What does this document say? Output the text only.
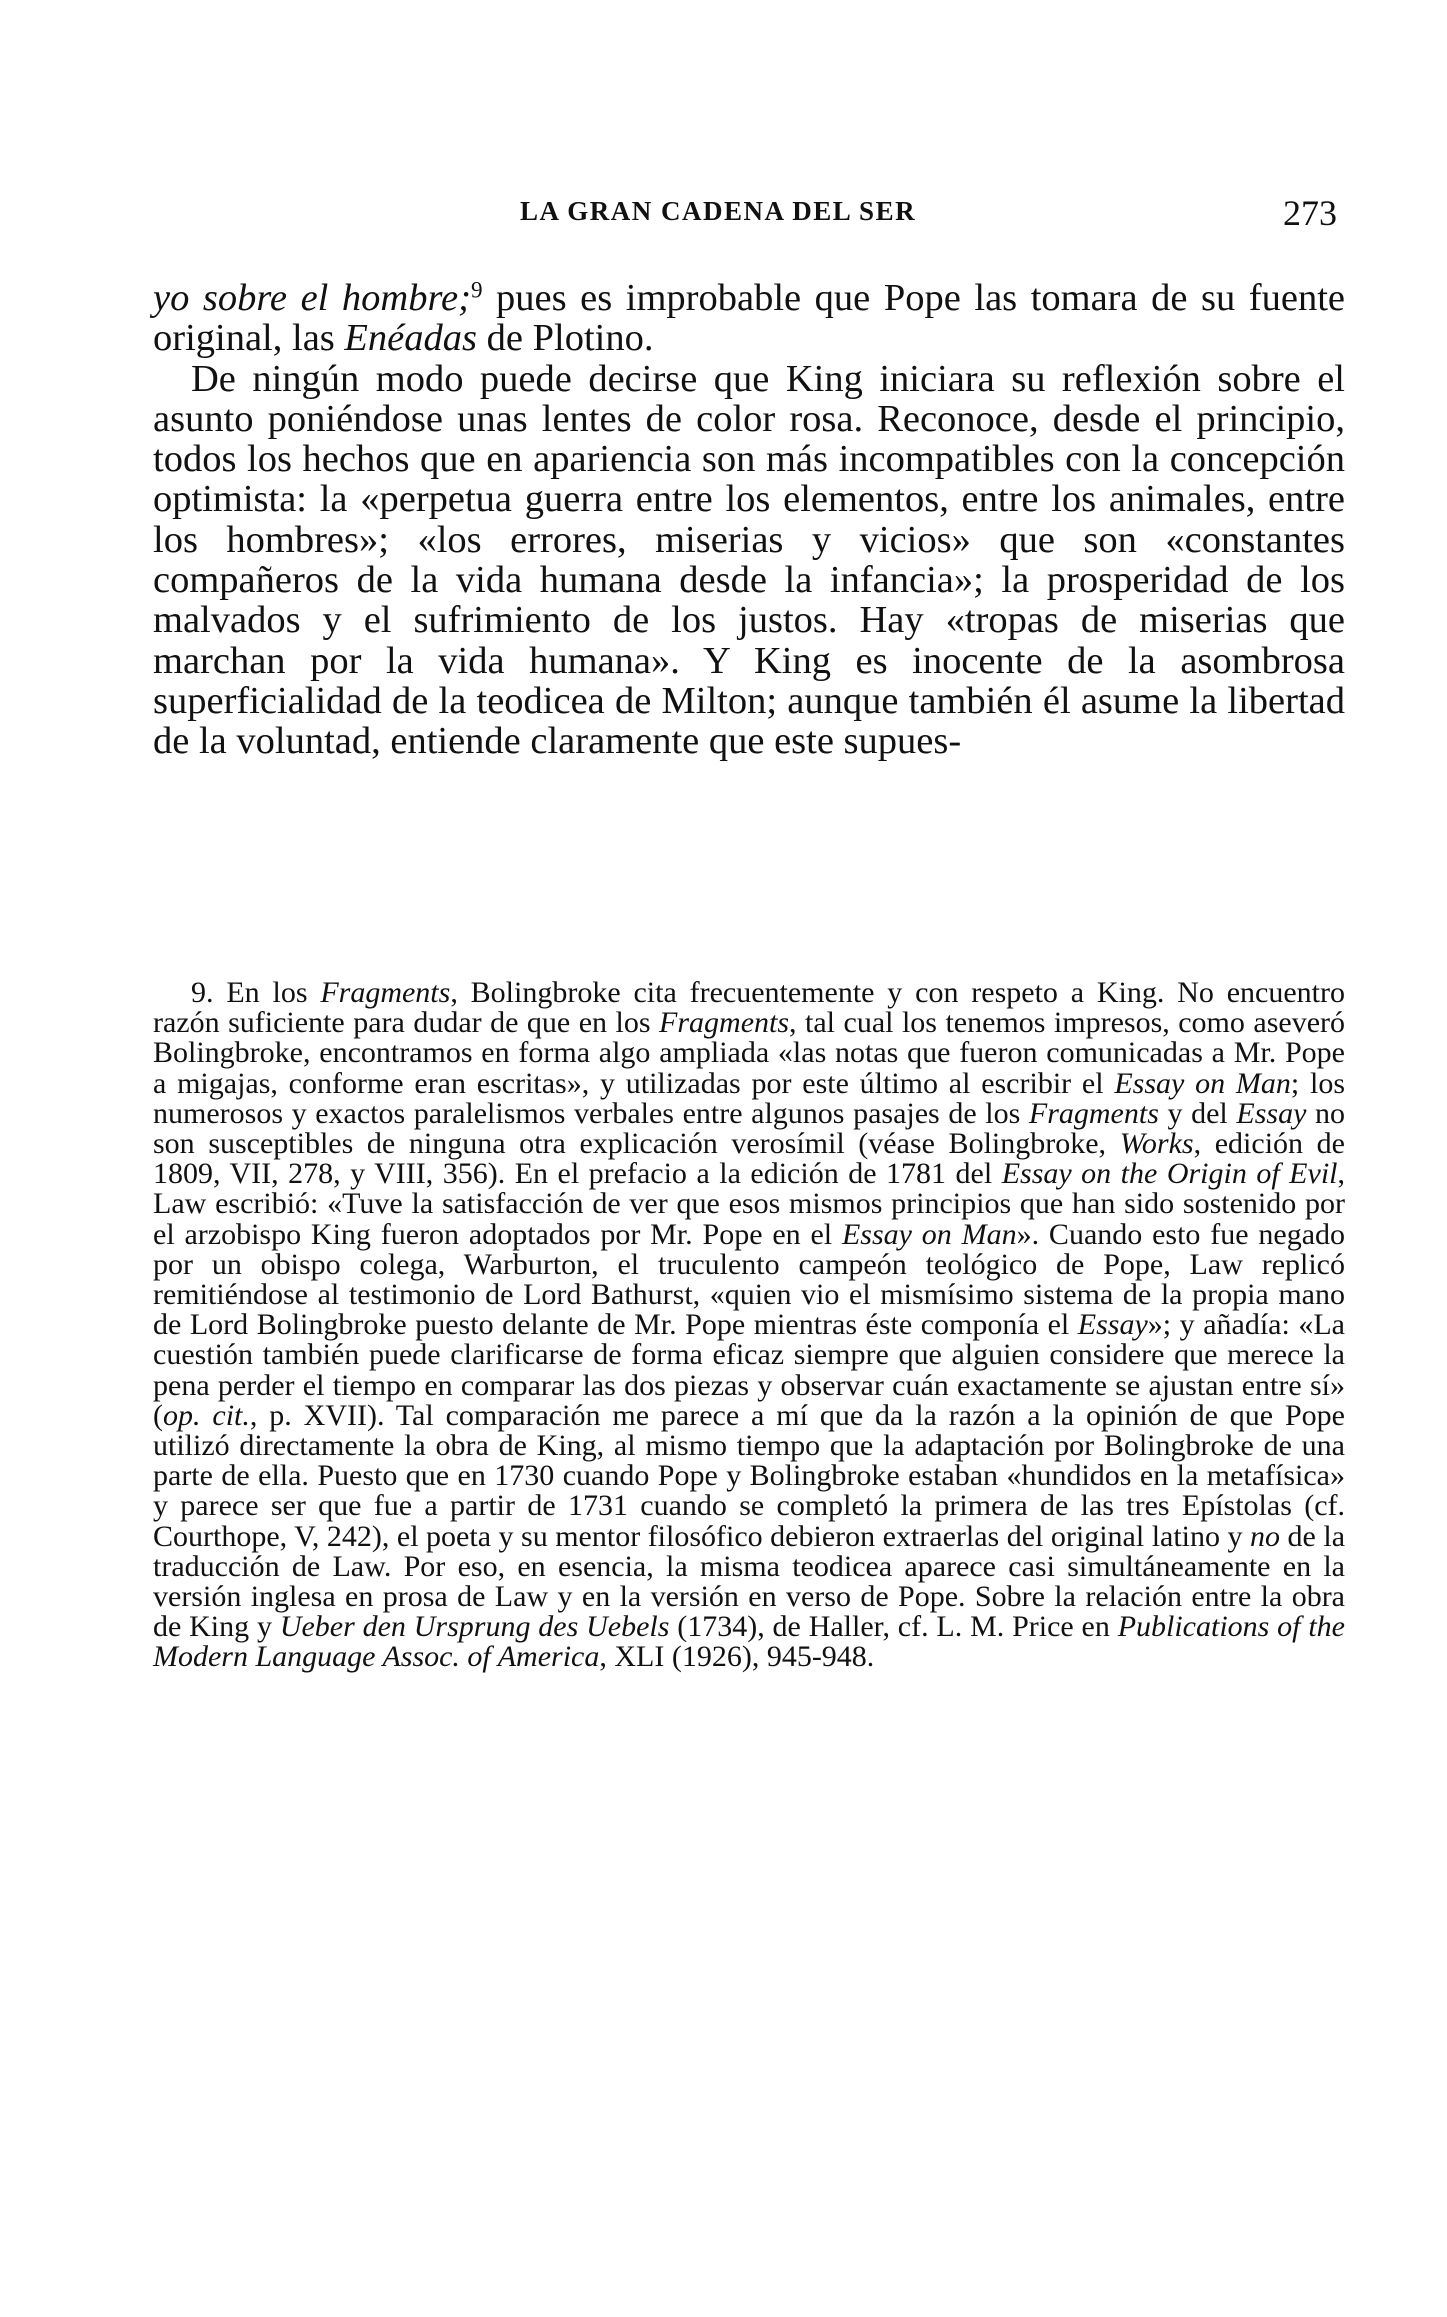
LA GRAN CADENA DEL SER	273

yo sobre el hombre;$^9$ pues es improbable que Pope las tomara de su fuente original, las Enéadas de Plotino.

De ningún modo puede decirse que King iniciara su reflexión sobre el asunto poniéndose unas lentes de color rosa. Reconoce, desde el principio, todos los hechos que en apariencia son más incompatibles con la concepción optimista: la «perpetua guerra entre los elementos, entre los animales, entre los hombres»; «los errores, miserias y vicios» que son «constantes compañeros de la vida humana desde la infancia»; la prosperidad de los malvados y el sufrimiento de los justos. Hay «tropas de miserias que marchan por la vida humana». Y King es inocente de la asombrosa superficialidad de la teodicea de Milton; aunque también él asume la libertad de la voluntad, entiende claramente que este supues-

9. En los Fragments, Bolingbroke cita frecuentemente y con respeto a King. No encuentro razón suficiente para dudar de que en los Fragments, tal cual los tenemos impresos, como aseveró Bolingbroke, encontramos en forma algo ampliada «las notas que fueron comunicadas a Mr. Pope a migajas, conforme eran escritas», y utilizadas por este último al escribir el Essay on Man; los numerosos y exactos paralelismos verbales entre algunos pasajes de los Fragments y del Essay no son susceptibles de ninguna otra explicación verosímil (véase Bolingbroke, Works, edición de 1809, VII, 278, y VIII, 356). En el prefacio a la edición de 1781 del Essay on the Origin of Evil, Law escribió: «Tuve la satisfacción de ver que esos mismos principios que han sido sostenido por el arzobispo King fueron adoptados por Mr. Pope en el Essay on Man». Cuando esto fue negado por un obispo colega, Warburton, el truculento campeón teológico de Pope, Law replicó remitiéndose al testimonio de Lord Bathurst, «quien vio el mismísimo sistema de la propia mano de Lord Bolingbroke puesto delante de Mr. Pope mientras éste componía el Essay»; y añadía: «La cuestión también puede clarificarse de forma eficaz siempre que alguien considere que merece la pena perder el tiempo en comparar las dos piezas y observar cuán exactamente se ajustan entre sí» (op. cit., p. XVII). Tal comparación me parece a mí que da la razón a la opinión de que Pope utilizó directamente la obra de King, al mismo tiempo que la adaptación por Bolingbroke de una parte de ella. Puesto que en 1730 cuando Pope y Bolingbroke estaban «hundidos en la metafísica» y parece ser que fue a partir de 1731 cuando se completó la primera de las tres Epístolas (cf. Courthope, V, 242), el poeta y su mentor filosófico debieron extraerlas del original latino y no de la traducción de Law. Por eso, en esencia, la misma teodicea aparece casi simultáneamente en la versión inglesa en prosa de Law y en la versión en verso de Pope. Sobre la relación entre la obra de King y Ueber den Ursprung des Uebels (1734), de Haller, cf. L. M. Price en Publications of the Modern Language Assoc. of America, XLI (1926), 945-948.
